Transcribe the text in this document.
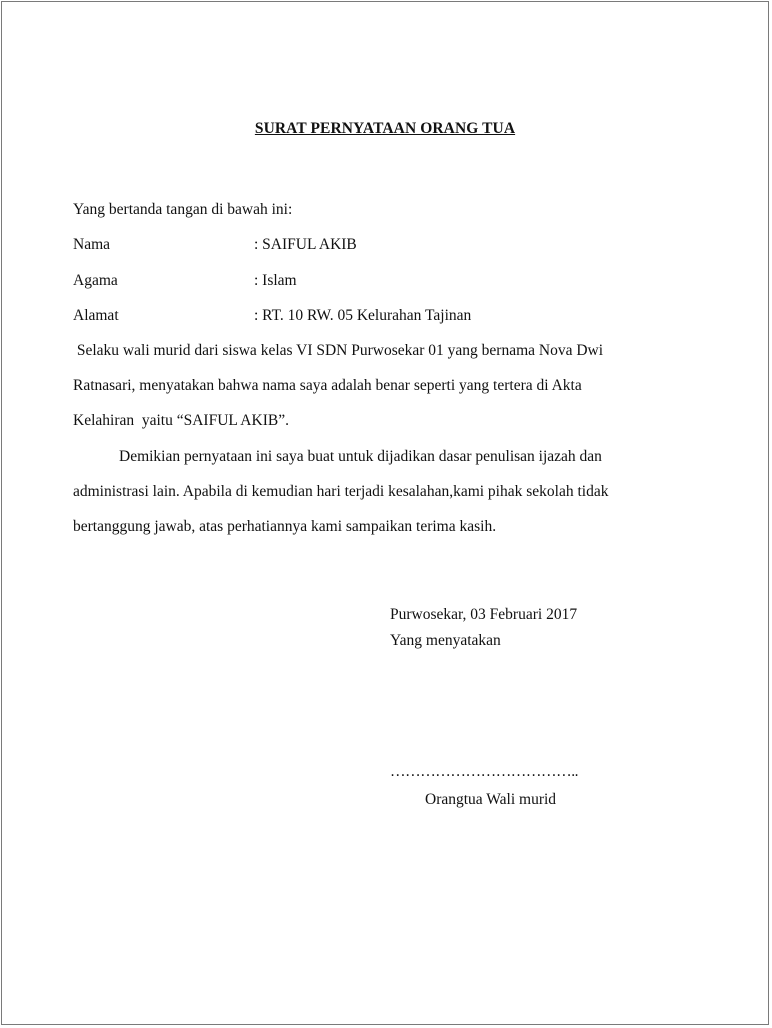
SURAT PERNYATAAN ORANG TUA
Yang bertanda tangan di bawah ini:
Nama	: SAIFUL AKIB
Agama	: Islam
Alamat	: RT. 10 RW. 05 Kelurahan Tajinan
Selaku wali murid dari siswa kelas VI SDN Purwosekar 01 yang bernama Nova Dwi
Ratnasari, menyatakan bahwa nama saya adalah benar seperti yang tertera di Akta
Kelahiran  yaitu “SAIFUL AKIB”.
Demikian pernyataan ini saya buat untuk dijadikan dasar penulisan ijazah dan
administrasi lain. Apabila di kemudian hari terjadi kesalahan,kami pihak sekolah tidak
bertanggung jawab, atas perhatiannya kami sampaikan terima kasih.
Purwosekar, 03 Februari 2017
Yang menyatakan
………………………………..
Orangtua Wali murid
